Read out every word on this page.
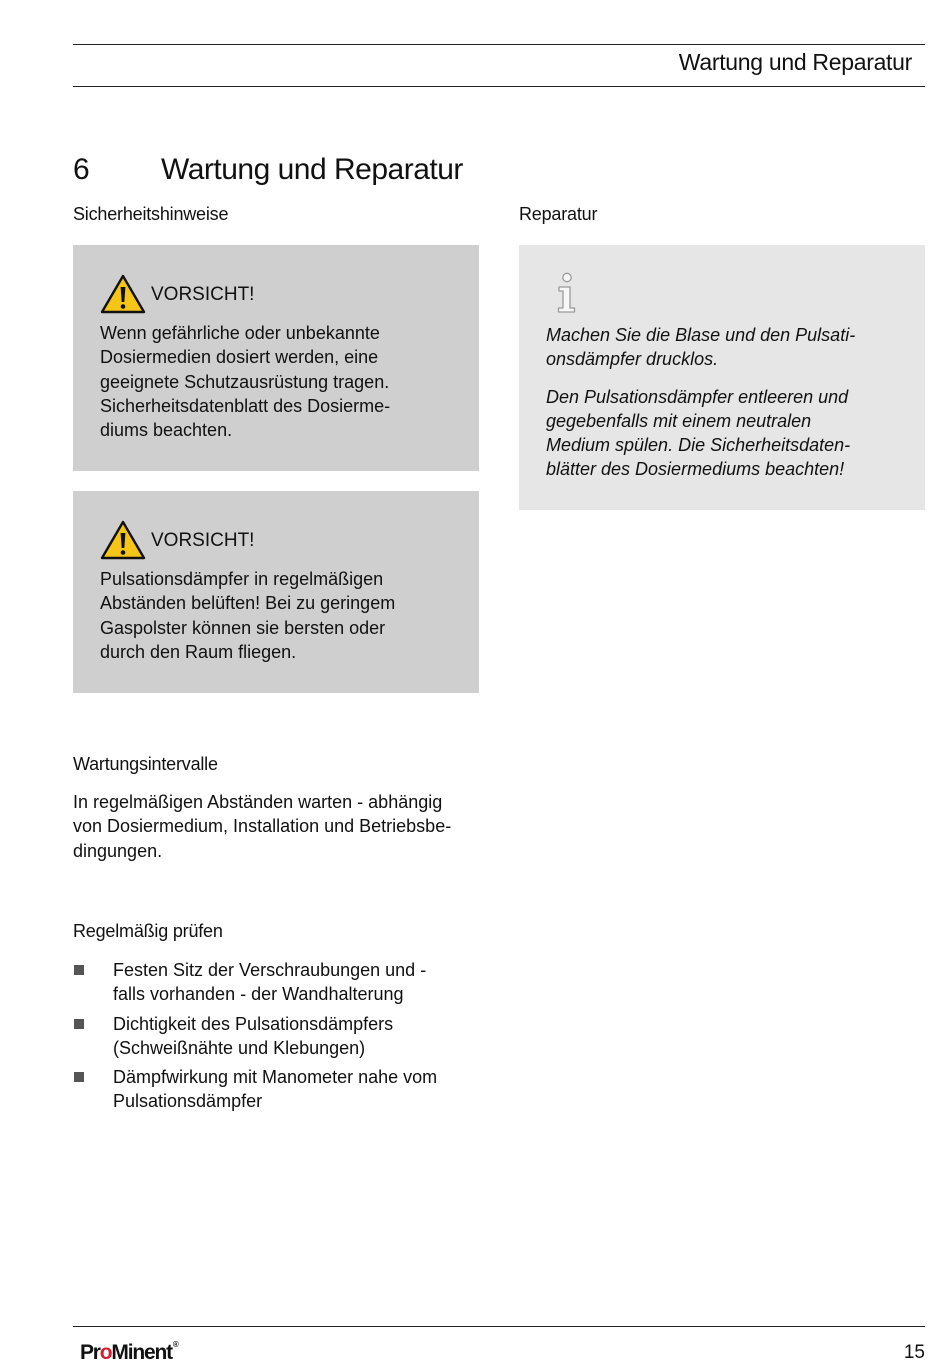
Wartung und Reparatur
6 Wartung und Reparatur
Sicherheitshinweise	Reparatur
VORSICHT!

Wenn gefährliche oder unbekannte

Dosiermedien dosiert werden, eine

geeignete Schutzausrüstung tragen.

Sicherheitsdatenblatt des Dosierme-

diums beachten.

VORSICHT!

Pulsationsdämpfer in regelmäßigen

Abständen belüften! Bei zu geringem

Gaspolster können sie bersten oder

durch den Raum fliegen.

Machen Sie die Blase und den Pulsati-
onsdämpfer drucklos.

Den Pulsationsdämpfer entleeren und
gegebenfalls mit einem neutralen
Medium spülen. Die Sicherheitsdaten-
blätter des Dosiermediums beachten!

Wartungsintervalle

In regelmäßigen Abständen warten - abhängig

von Dosiermedium, Installation und Betriebsbe-

dingungen.

Regelmäßig prüfen
Festen Sitz der Verschraubungen und -
falls vorhanden - der Wandhalterung
Dichtigkeit des Pulsationsdämpfers
(Schweißnähte und Klebungen)
Dämpfwirkung mit Manometer nahe vom
Pulsationsdämpfer
ProMinent®	15
